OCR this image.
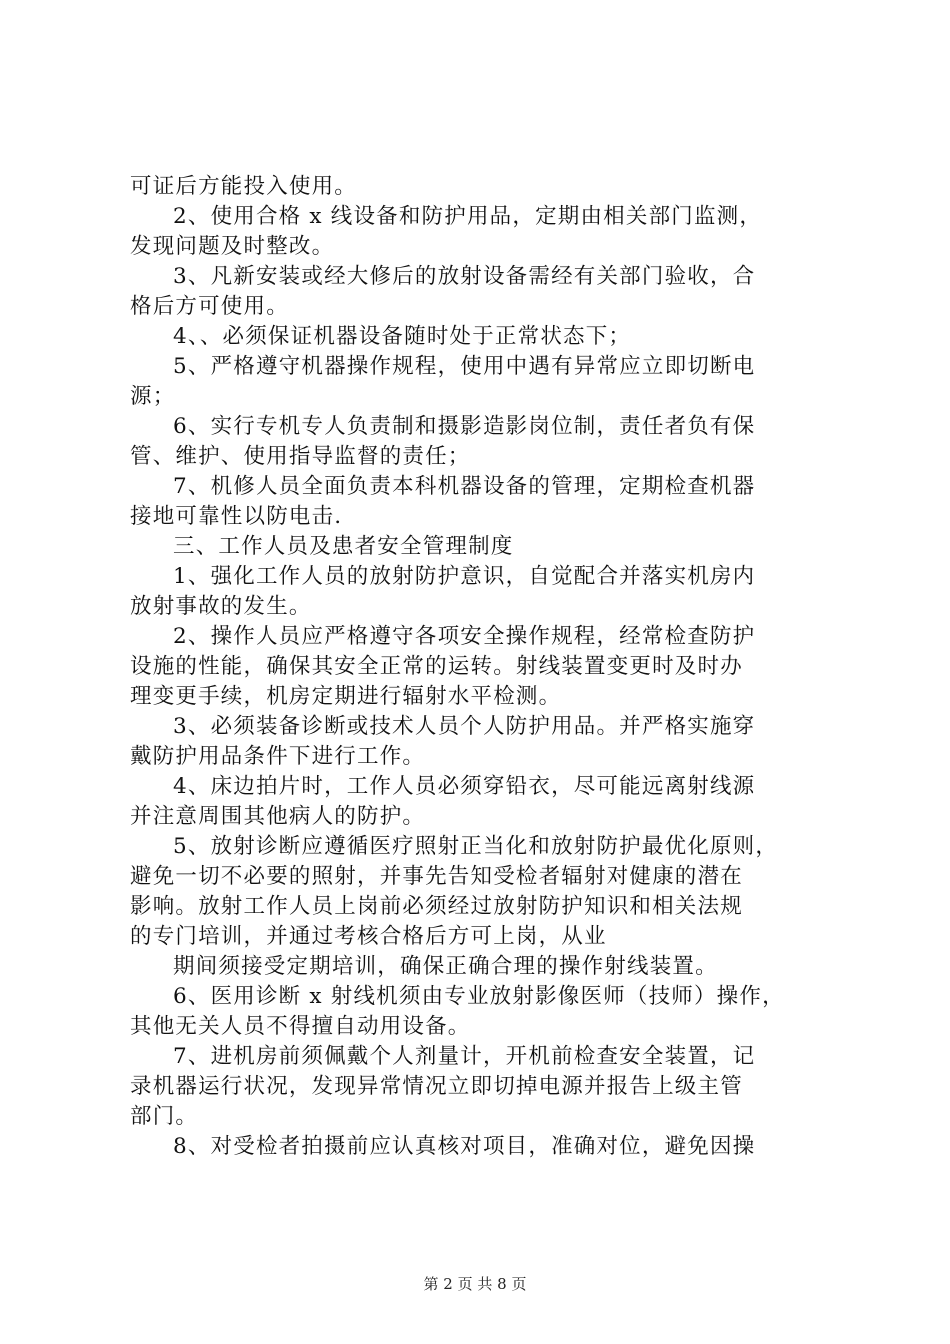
可证后方能投入使用。
2、使用合格 x 线设备和防护用品，定期由相关部门监测，
发现问题及时整改。
3、凡新安装或经大修后的放射设备需经有关部门验收，合
格后方可使用。
4、、必须保证机器设备随时处于正常状态下；
5、严格遵守机器操作规程，使用中遇有异常应立即切断电
源；
6、实行专机专人负责制和摄影造影岗位制，责任者负有保
管、维护、使用指导监督的责任；
7、机修人员全面负责本科机器设备的管理，定期检查机器
接地可靠性以防电击.
三、工作人员及患者安全管理制度
1、强化工作人员的放射防护意识，自觉配合并落实机房内
放射事故的发生。
2、操作人员应严格遵守各项安全操作规程，经常检查防护
设施的性能，确保其安全正常的运转。射线装置变更时及时办
理变更手续，机房定期进行辐射水平检测。
3、必须装备诊断或技术人员个人防护用品。并严格实施穿
戴防护用品条件下进行工作。
4、床边拍片时，工作人员必须穿铅衣，尽可能远离射线源
并注意周围其他病人的防护。
5、放射诊断应遵循医疗照射正当化和放射防护最优化原则，
避免一切不必要的照射，并事先告知受检者辐射对健康的潜在
影响。放射工作人员上岗前必须经过放射防护知识和相关法规
的专门培训，并通过考核合格后方可上岗，从业
期间须接受定期培训，确保正确合理的操作射线装置。
6、医用诊断 x 射线机须由专业放射影像医师（技师）操作，
其他无关人员不得擅自动用设备。
7、进机房前须佩戴个人剂量计，开机前检查安全装置，记
录机器运行状况，发现异常情况立即切掉电源并报告上级主管
部门。
8、对受检者拍摄前应认真核对项目，准确对位，避免因操
第 2 页 共 8 页
